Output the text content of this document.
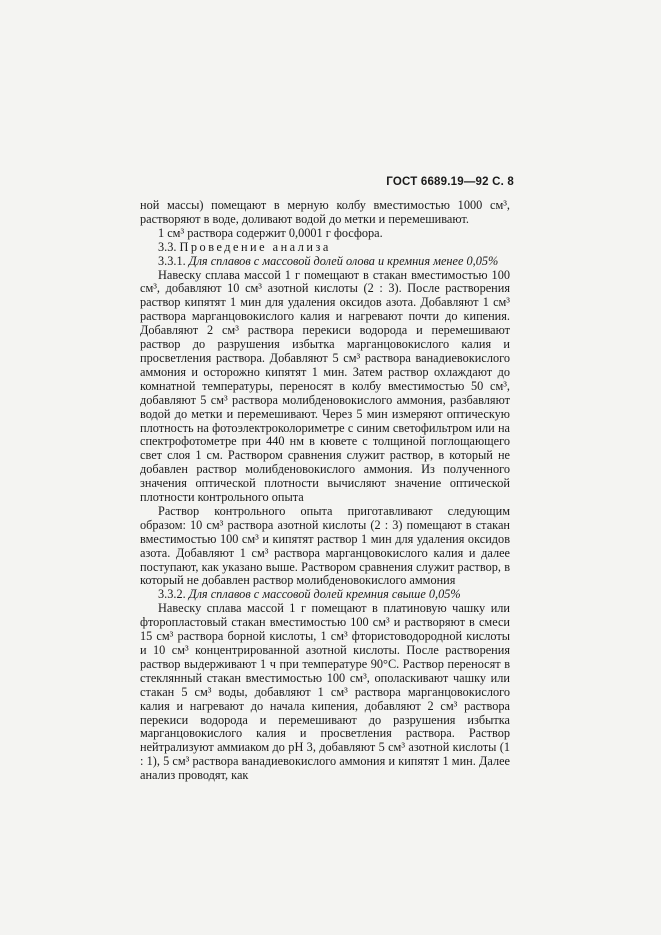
ГОСТ 6689.19—92 С. 8

ной массы) помещают в мерную колбу вместимостью 1000 см³, растворяют в воде, доливают водой до метки и перемешивают.

1 см³ раствора содержит 0,0001 г фосфора.

3.3. Проведение анализа

3.3.1. Для сплавов с массовой долей олова и кремния менее 0,05%

Навеску сплава массой 1 г помещают в стакан вместимостью 100 см³, добавляют 10 см³ азотной кислоты (2 : 3). После растворения раствор кипятят 1 мин для удаления оксидов азота. Добавляют 1 см³ раствора марганцовокислого калия и нагревают почти до кипения. Добавляют 2 см³ раствора перекиси водорода и перемешивают раствор до разрушения избытка марганцовокислого калия и просветления раствора. Добавляют 5 см³ раствора ванадиевокислого аммония и осторожно кипятят 1 мин. Затем раствор охлаждают до комнатной температуры, переносят в колбу вместимостью 50 см³, добавляют 5 см³ раствора молибденовокислого аммония, разбавляют водой до метки и перемешивают. Через 5 мин измеряют оптическую плотность на фотоэлектроколориметре с синим светофильтром или на спектрофотометре при 440 нм в кювете с толщиной поглощающего свет слоя 1 см. Раствором сравнения служит раствор, в который не добавлен раствор молибденовокислого аммония. Из полученного значения оптической плотности вычисляют значение оптической плотности контрольного опыта

Раствор контрольного опыта приготавливают следующим образом: 10 см³ раствора азотной кислоты (2 : 3) помещают в стакан вместимостью 100 см³ и кипятят раствор 1 мин для удаления оксидов азота. Добавляют 1 см³ раствора марганцовокислого калия и далее поступают, как указано выше. Раствором сравнения служит раствор, в который не добавлен раствор молибденовокислого аммония

3.3.2. Для сплавов с массовой долей кремния свыше 0,05%

Навеску сплава массой 1 г помещают в платиновую чашку или фторопластовый стакан вместимостью 100 см³ и растворяют в смеси 15 см³ раствора борной кислоты, 1 см³ фтористоводородной кислоты и 10 см³ концентрированной азотной кислоты. После растворения раствор выдерживают 1 ч при температуре 90°С. Раствор переносят в стеклянный стакан вместимостью 100 см³, ополаскивают чашку или стакан 5 см³ воды, добавляют 1 см³ раствора марганцовокислого калия и нагревают до начала кипения, добавляют 2 см³ раствора перекиси водорода и перемешивают до разрушения избытка марганцовокислого калия и просветления раствора. Раствор нейтрализуют аммиаком до рН 3, добавляют 5 см³ азотной кислоты (1 : 1), 5 см³ раствора ванадиевокислого аммония и кипятят 1 мин. Далее анализ проводят, как
